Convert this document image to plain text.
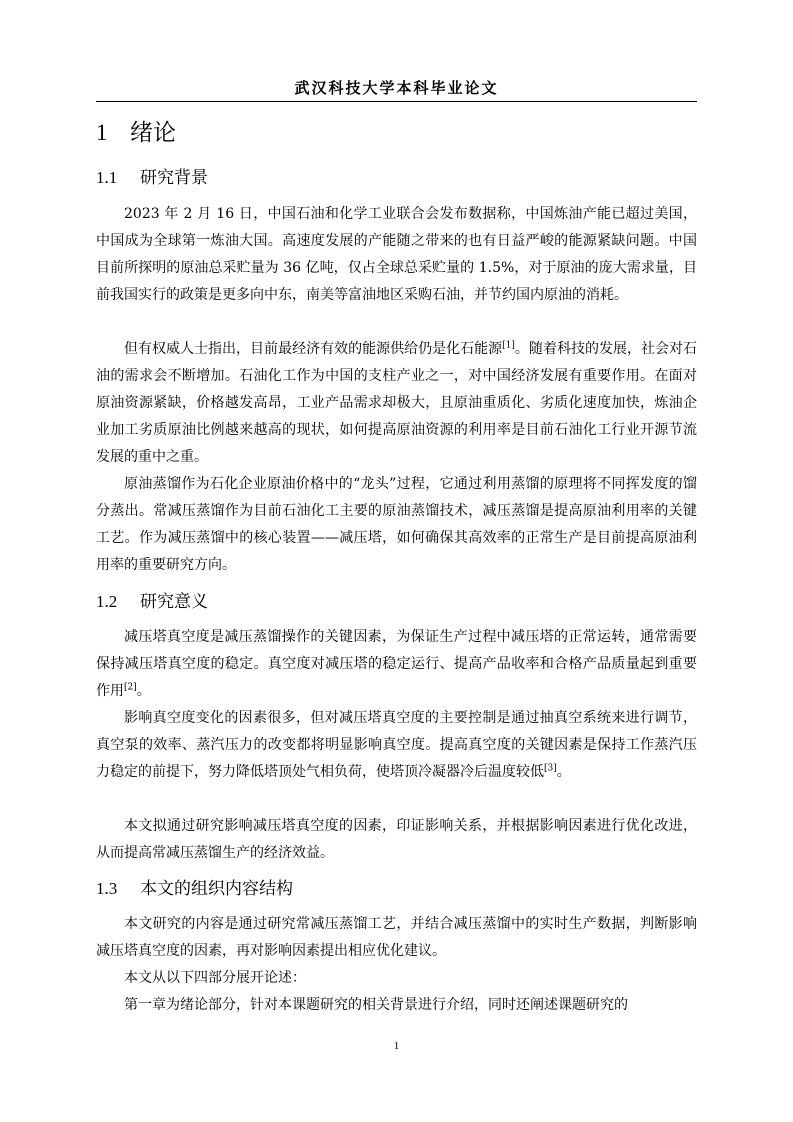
武汉科技大学本科毕业论文
1 绪论
1.1 研究背景

2023 年 2 月 16 日，中国石油和化学工业联合会发布数据称，中国炼油产能已超过美国，中国成为全球第一炼油大国。高速度发展的产能随之带来的也有日益严峻的能源紧缺问题。中国目前所探明的原油总采贮量为 36 亿吨，仅占全球总采贮量的 1.5%，对于原油的庞大需求量，目前我国实行的政策是更多向中东，南美等富油地区采购石油，并节约国内原油的消耗。

但有权威人士指出，目前最经济有效的能源供给仍是化石能源[1]。随着科技的发展，社会对石油的需求会不断增加。石油化工作为中国的支柱产业之一，对中国经济发展有重要作用。在面对原油资源紧缺，价格越发高昂，工业产品需求却极大，且原油重质化、劣质化速度加快，炼油企业加工劣质原油比例越来越高的现状，如何提高原油资源的利用率是目前石油化工行业开源节流发展的重中之重。

原油蒸馏作为石化企业原油价格中的“龙头”过程，它通过利用蒸馏的原理将不同挥发度的馏分蒸出。常减压蒸馏作为目前石油化工主要的原油蒸馏技术，减压蒸馏是提高原油利用率的关键工艺。作为减压蒸馏中的核心装置——减压塔，如何确保其高效率的正常生产是目前提高原油利用率的重要研究方向。

1.2 研究意义

减压塔真空度是减压蒸馏操作的关键因素，为保证生产过程中减压塔的正常运转，通常需要保持减压塔真空度的稳定。真空度对减压塔的稳定运行、提高产品收率和合格产品质量起到重要作用[2]。

影响真空度变化的因素很多，但对减压塔真空度的主要控制是通过抽真空系统来进行调节，真空泵的效率、蒸汽压力的改变都将明显影响真空度。提高真空度的关键因素是保持工作蒸汽压力稳定的前提下，努力降低塔顶处气相负荷，使塔顶冷凝器冷后温度较低[3]。

本文拟通过研究影响减压塔真空度的因素，印证影响关系，并根据影响因素进行优化改进，从而提高常减压蒸馏生产的经济效益。

1.3 本文的组织内容结构

本文研究的内容是通过研究常减压蒸馏工艺，并结合减压蒸馏中的实时生产数据，判断影响减压塔真空度的因素，再对影响因素提出相应优化建议。

本文从以下四部分展开论述：

第一章为绪论部分，针对本课题研究的相关背景进行介绍，同时还阐述课题研究的

1
